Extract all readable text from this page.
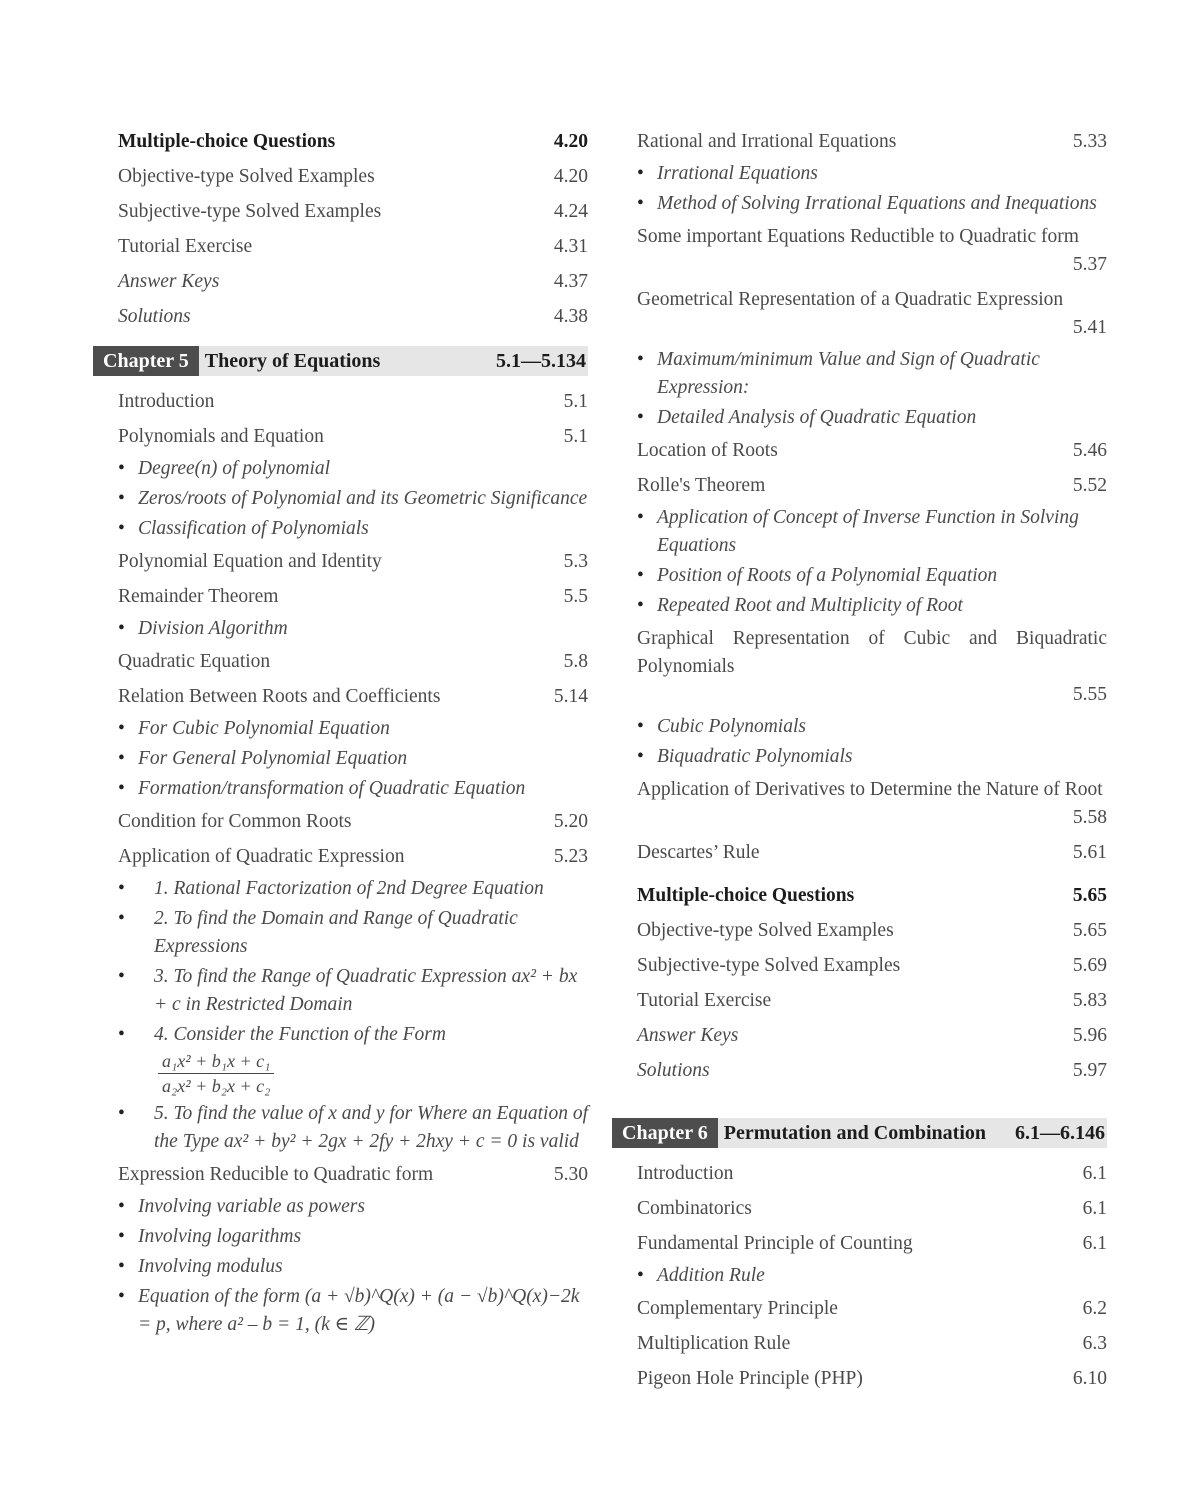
Multiple-choice Questions	4.20
Objective-type Solved Examples	4.20
Subjective-type Solved Examples	4.24
Tutorial Exercise	4.31
Answer Keys	4.37
Solutions	4.38
Chapter 5 Theory of Equations	5.1—5.134
Introduction	5.1
Polynomials and Equation	5.1
• Degree(n) of polynomial
• Zeros/roots of Polynomial and its Geometric Significance
• Classification of Polynomials
Polynomial Equation and Identity	5.3
Remainder Theorem	5.5
• Division Algorithm
Quadratic Equation	5.8
Relation Between Roots and Coefficients	5.14
• For Cubic Polynomial Equation
• For General Polynomial Equation
• Formation/transformation of Quadratic Equation
Condition for Common Roots	5.20
Application of Quadratic Expression	5.23
•	1. Rational Factorization of 2nd Degree Equation
•	2. To find the Domain and Range of Quadratic Expressions
•	3. To find the Range of Quadratic Expression ax² + bx + c in Restricted Domain
•	4. Consider the Function of the Form

$\frac{\text{a₁x² + b₁x + c₁}}{\text{a₂x² + b₂x + c₂}}$
•	5. To find the value of x and y for Where an Equation of the Type ax² + by² + 2gx + 2fy + 2hxy + c = 0 is valid
Expression Reducible to Quadratic form	5.30
• Involving variable as powers
• Involving logarithms
• Involving modulus
• Equation of the form (a + √b)^Q(x) + (a − √b)^Q(x)−2k = p, where a² – b = 1, (k ∈ ℤ)
Rational and Irrational Equations	5.33
• Irrational Equations
• Method of Solving Irrational Equations and Inequations
Some important Equations Reductible to Quadratic form
5.37
Geometrical Representation of a Quadratic Expression
5.41
• Maximum/minimum Value and Sign of Quadratic Expression:
• Detailed Analysis of Quadratic Equation
Location of Roots	5.46
Rolle's Theorem	5.52
• Application of Concept of Inverse Function in Solving Equations
• Position of Roots of a Polynomial Equation
• Repeated Root and Multiplicity of Root
Graphical Representation of Cubic and Biquadratic Polynomials
5.55
• Cubic Polynomials
• Biquadratic Polynomials
Application of Derivatives to Determine the Nature of Root
5.58
Descartes’ Rule	5.61
Multiple-choice Questions	5.65
Objective-type Solved Examples	5.65
Subjective-type Solved Examples	5.69
Tutorial Exercise	5.83
Answer Keys	5.96
Solutions	5.97
Chapter 6 Permutation and Combination	6.1—6.146
Introduction	6.1
Combinatorics	6.1
Fundamental Principle of Counting	6.1
• Addition Rule
Complementary Principle	6.2
Multiplication Rule	6.3
Pigeon Hole Principle (PHP)	6.10
